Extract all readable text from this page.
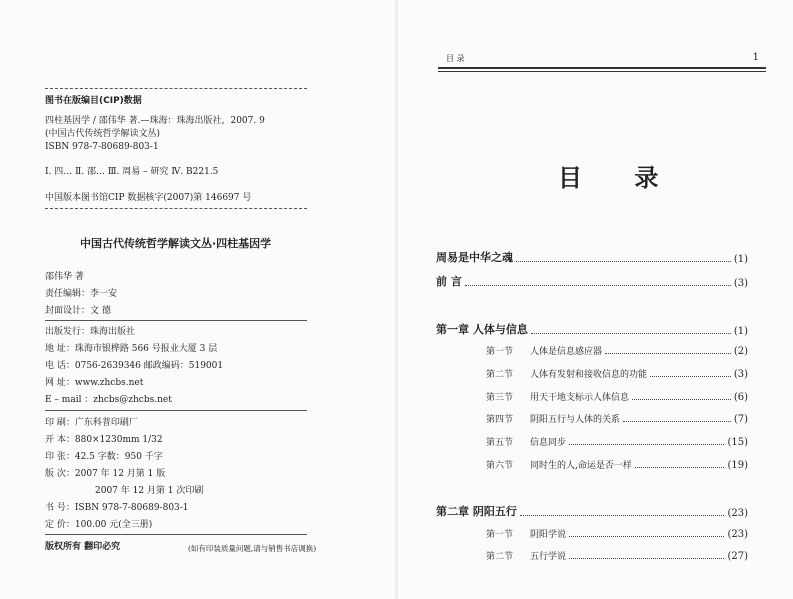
图书在版编目(CIP)数据
四柱基因学 / 邵伟华 著.—珠海：珠海出版社，2007. 9
(中国古代传统哲学解读文丛)
ISBN 978-7-80689-803-1
Ⅰ. 四… Ⅱ. 邵… Ⅲ. 周易 – 研究 Ⅳ. B221.5
中国版本图书馆CIP 数据核字(2007)第 146697 号
中国古代传统哲学解读文丛·四柱基因学
邵伟华 著
责任编辑：李一安
封面设计：文 德
出版发行：珠海出版社
地 址：珠海市银桦路 566 号报业大厦 3 层
电 话：0756-2639346 邮政编码：519001
网 址：www.zhcbs.net
E – mail ：zhcbs@zhcbs.net
印 刷：广东科普印刷厂
开 本：880×1230mm 1/32
印 张：42.5 字数：950 千字
版 次：2007 年 12 月第 1 版
2007 年 12 月第 1 次印刷
书 号：ISBN 978-7-80689-803-1
定 价：100.00 元(全三册)
版权所有 翻印必究	(如有印装质量问题,请与销售书店调换)
目 录	1
目 录
周易是中华之魂	(1)
前 言	(3)
第一章 人体与信息	(1)
第一节	人体是信息感应器	(2)
第二节	人体有发射和接收信息的功能	(3)
第三节	用天干地支标示人体信息	(6)
第四节	阴阳五行与人体的关系	(7)
第五节	信息同步	(15)
第六节	同时生的人,命运是否一样	(19)
第二章 阴阳五行	(23)
第一节	阴阳学说	(23)
第二节	五行学说	(27)
